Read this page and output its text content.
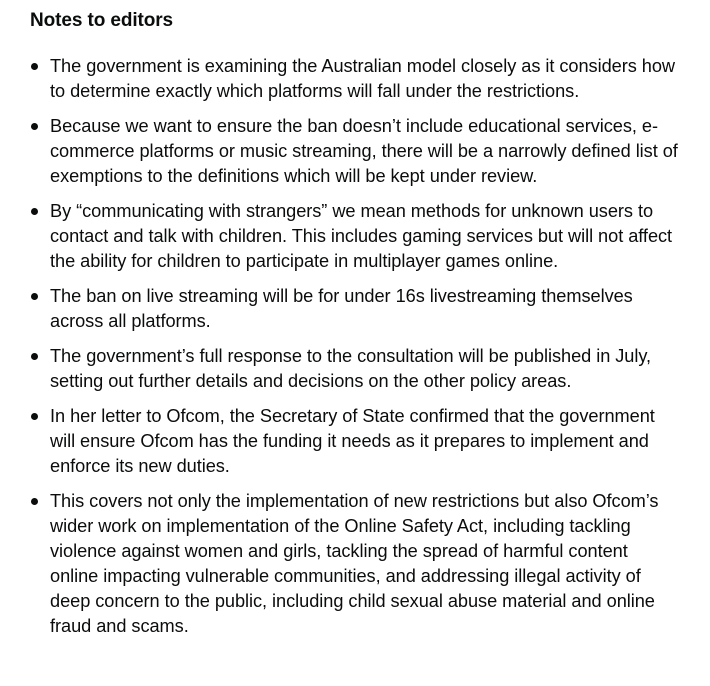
Notes to editors
The government is examining the Australian model closely as it considers how to determine exactly which platforms will fall under the restrictions.
Because we want to ensure the ban doesn’t include educational services, e-commerce platforms or music streaming, there will be a narrowly defined list of exemptions to the definitions which will be kept under review.
By “communicating with strangers” we mean methods for unknown users to contact and talk with children. This includes gaming services but will not affect the ability for children to participate in multiplayer games online.
The ban on live streaming will be for under 16s livestreaming themselves across all platforms.
The government’s full response to the consultation will be published in July, setting out further details and decisions on the other policy areas.
In her letter to Ofcom, the Secretary of State confirmed that the government will ensure Ofcom has the funding it needs as it prepares to implement and enforce its new duties.
This covers not only the implementation of new restrictions but also Ofcom’s wider work on implementation of the Online Safety Act, including tackling violence against women and girls, tackling the spread of harmful content online impacting vulnerable communities, and addressing illegal activity of deep concern to the public, including child sexual abuse material and online fraud and scams.
